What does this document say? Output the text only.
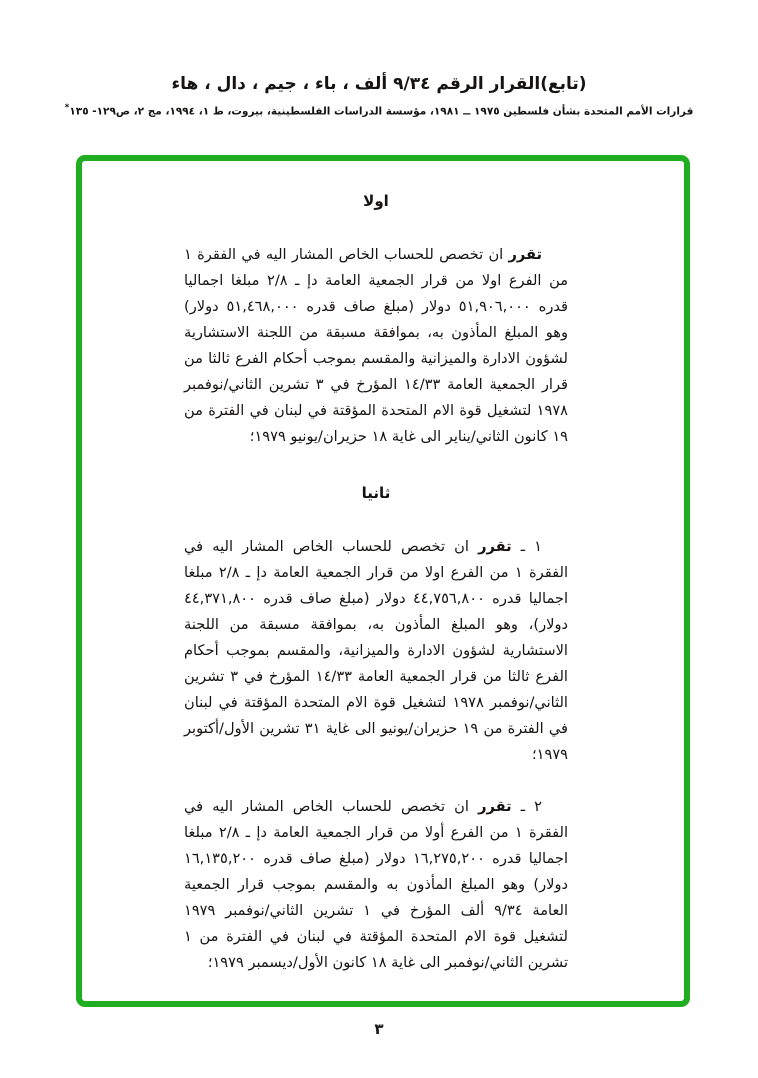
(تابع)القرار الرقم ٩/٣٤ ألف ، باء ، جيم ، دال ، هاء
قرارات الأمم المتحدة بشأن فلسطين ١٩٧٥ ــ ١٩٨١، مؤسسة الدراسات الفلسطينية، بيروت، ط ١، ١٩٩٤، مج ٢، ص١٢٩- ١٣٥*
اولا

تقرر ان تخصص للحساب الخاص المشار اليه في الفقرة ١ من الفرع اولا من قرار الجمعية العامة دإ ـ ٢/٨ مبلغا اجماليا قدره ٥١,٩٠٦,٠٠٠ دولار (مبلغ صاف قدره ٥١,٤٦٨,٠٠٠ دولار) وهو المبلغ المأذون به، بموافقة مسبقة من اللجنة الاستشارية لشؤون الادارة والميزانية والمقسم بموجب أحكام الفرع ثالثا من قرار الجمعية العامة ١٤/٣٣ المؤرخ في ٣ تشرين الثاني/نوفمبر ١٩٧٨ لتشغيل قوة الام المتحدة المؤقتة في لبنان في الفترة من ١٩ كانون الثاني/يناير الى غاية ١٨ حزيران/يونيو ١٩٧٩؛

ثانيا

١ ـ تقرر ان تخصص للحساب الخاص المشار اليه في الفقرة ١ من الفرع اولا من قرار الجمعية العامة دإ ـ ٢/٨ مبلغا اجماليا قدره ٤٤,٧٥٦,٨٠٠ دولار (مبلغ صاف قدره ٤٤,٣٧١,٨٠٠ دولار)، وهو المبلغ المأذون به، بموافقة مسبقة من اللجنة الاستشارية لشؤون الادارة والميزانية، والمقسم بموجب أحكام الفرع ثالثا من قرار الجمعية العامة ١٤/٣٣ المؤرخ في ٣ تشرين الثاني/نوفمبر ١٩٧٨ لتشغيل قوة الام المتحدة المؤقتة في لبنان في الفترة من ١٩ حزيران/يونيو الى غاية ٣١ تشرين الأول/أكتوبر ١٩٧٩؛

٢ ـ تقرر ان تخصص للحساب الخاص المشار اليه في الفقرة ١ من الفرع أولا من قرار الجمعية العامة دإ ـ ٢/٨ مبلغا اجماليا قدره ١٦,٢٧٥,٢٠٠ دولار (مبلغ صاف قدره ١٦,١٣٥,٢٠٠ دولار) وهو المبلغ المأذون به والمقسم بموجب قرار الجمعية العامة ٩/٣٤ ألف المؤرخ في ١ تشرين الثاني/نوفمبر ١٩٧٩ لتشغيل قوة الام المتحدة المؤقتة في لبنان في الفترة من ١ تشرين الثاني/نوفمبر الى غاية ١٨ كانون الأول/ديسمبر ١٩٧٩؛

٣
